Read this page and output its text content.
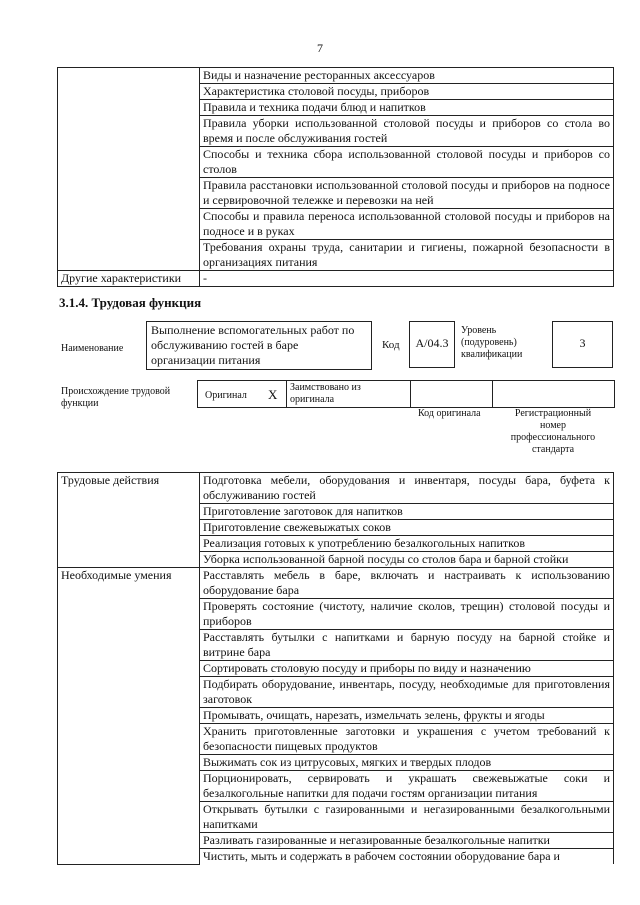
7
	Виды и назначение ресторанных аксессуаров
	Характеристика столовой посуды, приборов
	Правила и техника подачи блюд и напитков
	Правила уборки использованной столовой посуды и приборов со стола во время и после обслуживания гостей
	Способы и техника сбора использованной столовой посуды и приборов со столов
	Правила расстановки использованной столовой посуды и приборов на подносе и сервировочной тележке и перевозки на ней
	Способы и правила переноса использованной столовой посуды и приборов на подносе и в руках
	Требования охраны труда, санитарии и гигиены, пожарной безопасности в организациях питания
Другие характеристики	-
3.1.4. Трудовая функция
Наименование
Выполнение вспомогательных работ по обслуживанию гостей в баре организации питания
Код	А/04.3
Уровень (подуровень) квалификации
3
Происхождение трудовой функции
Оригинал X Заимствовано из оригинала
Код оригинала	Регистрационный номер профессионального стандарта
Трудовые действия	Подготовка мебели, оборудования и инвентаря, посуды бара, буфета к обслуживанию гостей
	Приготовление заготовок для напитков
	Приготовление свежевыжатых соков
	Реализация готовых к употреблению безалкогольных напитков
	Уборка использованной барной посуды со столов бара и барной стойки
Необходимые умения	Расставлять мебель в баре, включать и настраивать к использованию оборудование бара
	Проверять состояние (чистоту, наличие сколов, трещин) столовой посуды и приборов
	Расставлять бутылки с напитками и барную посуду на барной стойке и витрине бара
	Сортировать столовую посуду и приборы по виду и назначению
	Подбирать оборудование, инвентарь, посуду, необходимые для приготовления заготовок
	Промывать, очищать, нарезать, измельчать зелень, фрукты и ягоды
	Хранить приготовленные заготовки и украшения с учетом требований к безопасности пищевых продуктов
	Выжимать сок из цитрусовых, мягких и твердых плодов
	Порционировать, сервировать и украшать свежевыжатые соки и безалкогольные напитки для подачи гостям организации питания
	Открывать бутылки с газированными и негазированными безалкогольными напитками
	Разливать газированные и негазированные безалкогольные напитки
	Чистить, мыть и содержать в рабочем состоянии оборудование бара и
